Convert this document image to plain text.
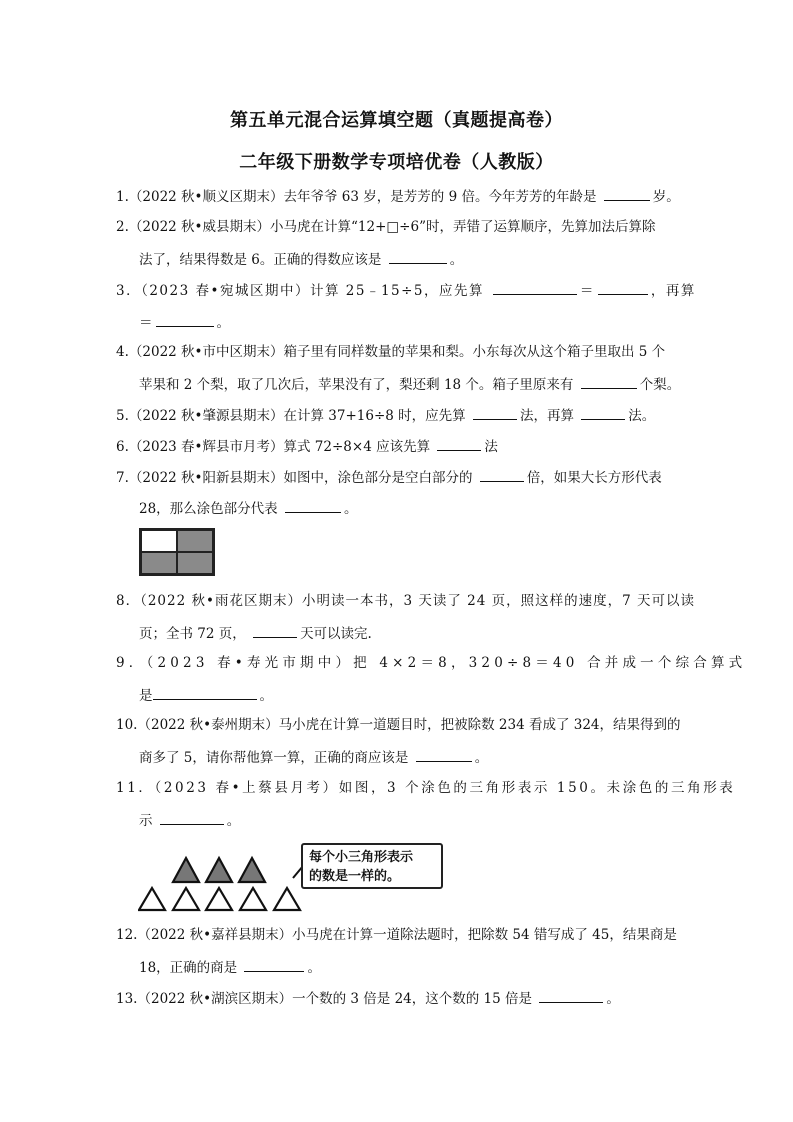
第五单元混合运算填空题（真题提高卷）
二年级下册数学专项培优卷（人教版）
1.（2022 秋•顺义区期末）去年爷爷 63 岁，是芳芳的 9 倍。今年芳芳的年龄是	岁。
2.（2022 秋•威县期末）小马虎在计算“12+□÷6”时，弄错了运算顺序，先算加法后算除
法了，结果得数是 6。正确的得数应该是	。
3．（2023 春•宛城区期中）计算 25﹣15÷5，应先算	＝	，再算
＝	。
4.（2022 秋•市中区期末）箱子里有同样数量的苹果和梨。小东每次从这个箱子里取出 5 个
苹果和 2 个梨，取了几次后，苹果没有了，梨还剩 18 个。箱子里原来有	个梨。
5.（2022 秋•肇源县期末）在计算 37+16÷8 时，应先算	法，再算	法。
6.（2023 春•辉县市月考）算式 72÷8×4 应该先算	法
7.（2022 秋•阳新县期末）如图中，涂色部分是空白部分的	倍，如果大长方形代表
28，那么涂色部分代表	。
8．（2022 秋•雨花区期末）小明读一本书，3 天读了 24 页，照这样的速度，7 天可以读
页；全书 72 页，	天可以读完.
9．（2023 春•寿光市期中）把 4×2＝8，320÷8＝40 合并成一个综合算式
是	。
10.（2022 秋•泰州期末）马小虎在计算一道题目时，把被除数 234 看成了 324，结果得到的
商多了 5，请你帮他算一算，正确的商应该是	。
11．（2023 春•上蔡县月考）如图，3 个涂色的三角形表示 150。未涂色的三角形表
示	。
每个小三角形表示
的数是一样的。
12.（2022 秋•嘉祥县期末）小马虎在计算一道除法题时，把除数 54 错写成了 45，结果商是
18，正确的商是	。
13.（2022 秋•湖滨区期末）一个数的 3 倍是 24，这个数的 15 倍是	。
